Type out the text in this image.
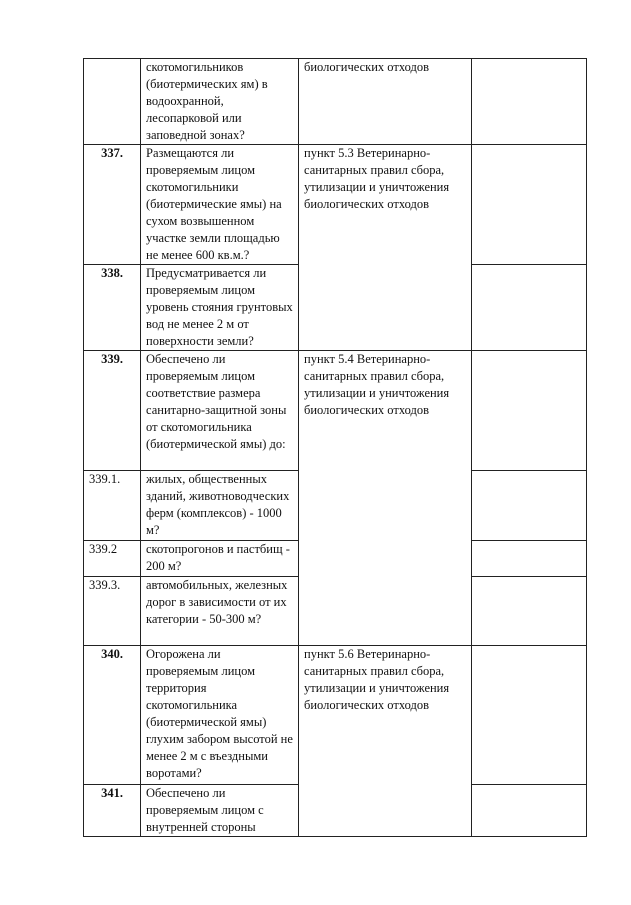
	скотомогильников (биотермических ям) в водоохранной, лесопарковой или заповедной зонах?	биологических отходов	
337.	Размещаются ли проверяемым лицом скотомогильники (биотермические ямы) на сухом возвышенном участке земли площадью не менее 600 кв.м.?	пункт 5.3 Ветеринарно-санитарных правил сбора, утилизации и уничтожения биологических отходов	
338.	Предусматривается ли проверяемым лицом уровень стояния грунтовых вод не менее 2 м от поверхности земли?		
339.	Обеспечено ли проверяемым лицом соответствие размера санитарно-защитной зоны от скотомогильника (биотермической ямы) до:	пункт 5.4 Ветеринарно-санитарных правил сбора, утилизации и уничтожения биологических отходов	
339.1.	жилых, общественных зданий, животноводческих ферм (комплексов) - 1000 м?		
339.2	скотопрогонов и пастбищ - 200 м?		
339.3.	автомобильных, железных дорог в зависимости от их категории - 50-300 м?		
340.	Огорожена ли проверяемым лицом территория скотомогильника (биотермической ямы) глухим забором высотой не менее 2 м с въездными воротами?	пункт 5.6 Ветеринарно-санитарных правил сбора, утилизации и уничтожения биологических отходов	
341.	Обеспечено ли проверяемым лицом с внутренней стороны		
